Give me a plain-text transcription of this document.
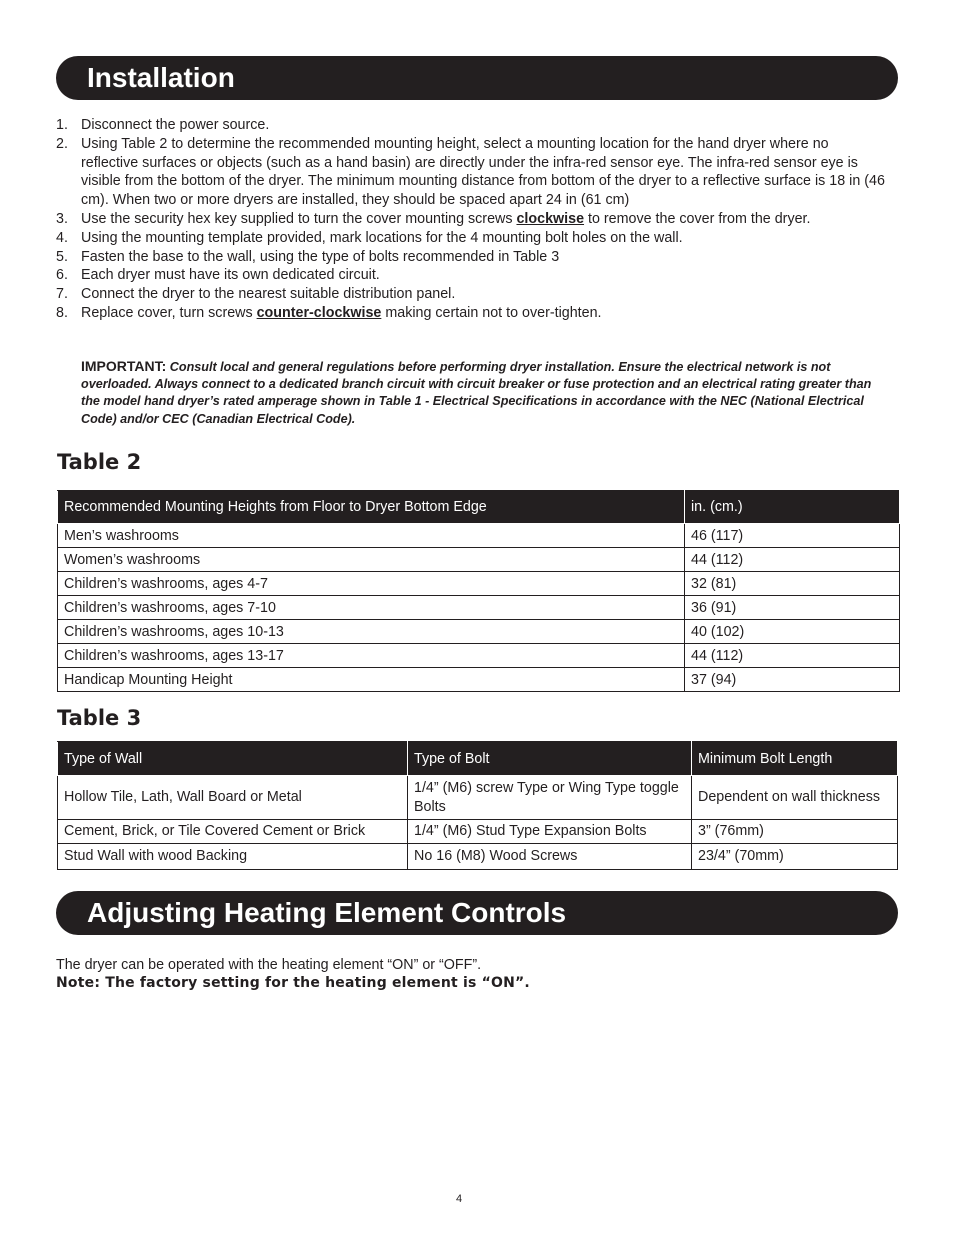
Installation
1. Disconnect the power source.
2. Using Table 2 to determine the recommended mounting height, select a mounting location for the hand dryer where no reflective surfaces or objects (such as a hand basin) are directly under the infra-red sensor eye. The infra-red sensor eye is visible from the bottom of the dryer. The minimum mounting distance from bottom of the dryer to a reflective surface is 18 in (46 cm). When two or more dryers are installed, they should be spaced apart 24 in (61 cm)
3. Use the security hex key supplied to turn the cover mounting screws clockwise to remove the cover from the dryer.
4. Using the mounting template provided, mark locations for the 4 mounting bolt holes on the wall.
5. Fasten the base to the wall, using the type of bolts recommended in Table 3
6. Each dryer must have its own dedicated circuit.
7. Connect the dryer to the nearest suitable distribution panel.
8. Replace cover, turn screws counter-clockwise making certain not to over-tighten.
IMPORTANT: Consult local and general regulations before performing dryer installation. Ensure the electrical network is not overloaded. Always connect to a dedicated branch circuit with circuit breaker or fuse protection and an electrical rating greater than the model hand dryer’s rated amperage shown in Table 1 - Electrical Specifications in accordance with the NEC (National Electrical Code) and/or CEC (Canadian Electrical Code).
Table 2
Recommended Mounting Heights from Floor to Dryer Bottom Edge	in. (cm.)
Men’s washrooms	46 (117)
Women’s washrooms	44 (112)
Children’s washrooms, ages 4-7	32 (81)
Children’s washrooms, ages 7-10	36 (91)
Children’s washrooms, ages 10-13	40 (102)
Children’s washrooms, ages 13-17	44 (112)
Handicap Mounting Height	37 (94)
Table 3
Type of Wall	Type of Bolt	Minimum Bolt Length
Hollow Tile, Lath, Wall Board or Metal	1/4” (M6) screw Type or Wing Type toggle Bolts	Dependent on wall thickness
Cement, Brick, or Tile Covered Cement or Brick	1/4” (M6) Stud Type Expansion Bolts	3” (76mm)
Stud Wall with wood Backing	No 16 (M8) Wood Screws	23/4” (70mm)
Adjusting Heating Element Controls
The dryer can be operated with the heating element “ON” or “OFF”.
Note: The factory setting for the heating element is “ON”.
4
